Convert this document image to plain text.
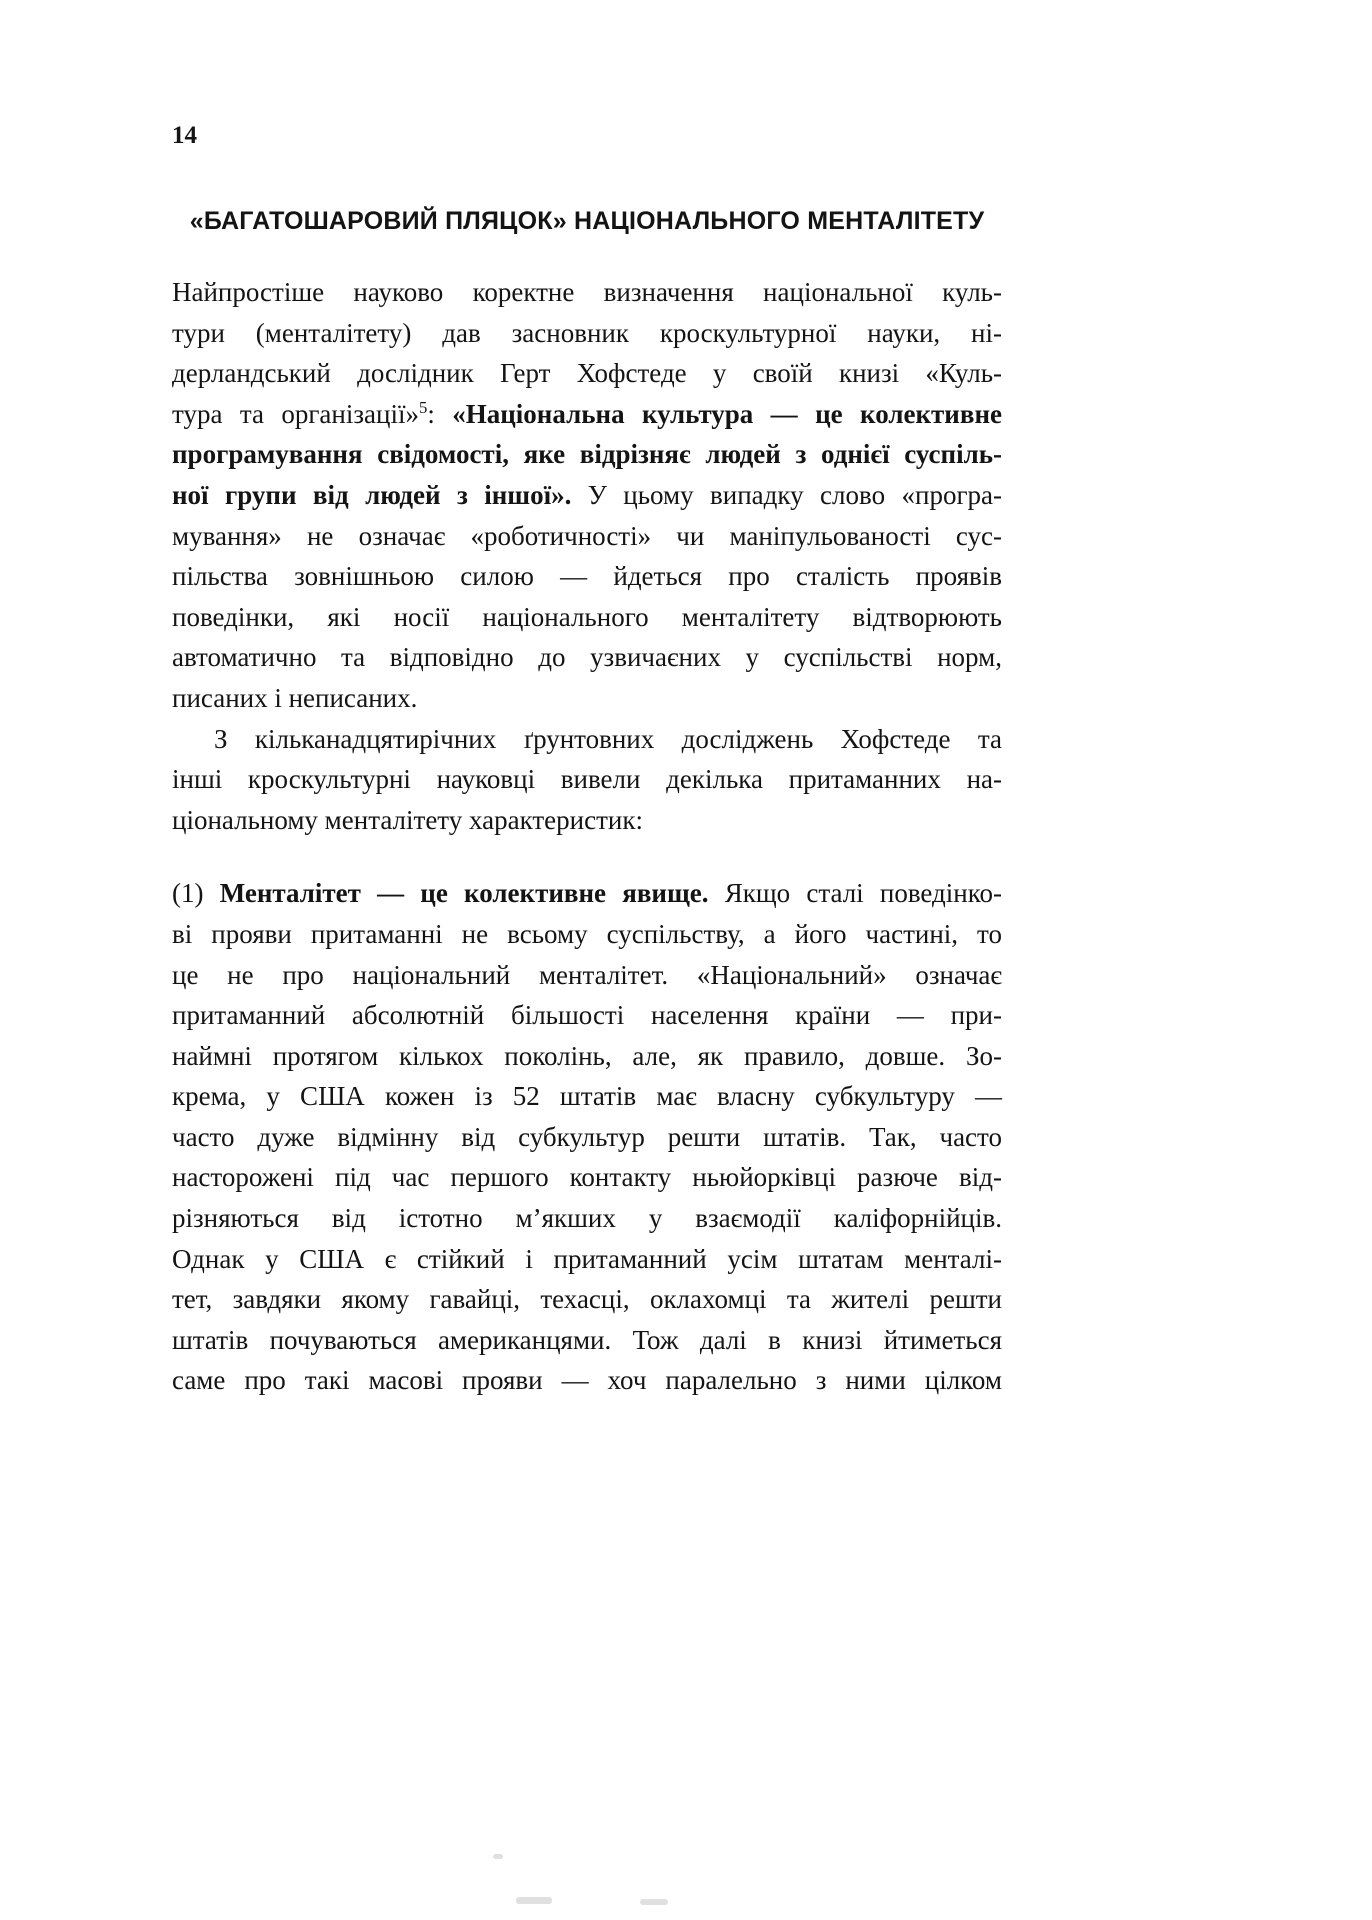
14
«БАГАТОШАРОВИЙ ПЛЯЦОК» НАЦІОНАЛЬНОГО МЕНТАЛІТЕТУ
Найпростіше науково коректне визначення національної куль-
тури (менталітету) дав засновник кроскультурної науки, ні-
дерландський дослідник Герт Хофстеде у своїй книзі «Куль-
тура та організації»$^5$: «Національна культура — це колективне
програмування свідомості, яке відрізняє людей з однієї суспіль-
ної групи від людей з іншої». У цьому випадку слово «програ-
мування» не означає «роботичності» чи маніпульованості сус-
пільства зовнішньою силою — йдеться про сталість проявів
поведінки, які носії національного менталітету відтворюють
автоматично та відповідно до узвичаєних у суспільстві норм,
писаних і неписаних.
З кільканадцятирічних ґрунтовних досліджень Хофстеде та
інші кроскультурні науковці вивели декілька притаманних на-
ціональному менталітету характеристик:
(1) Менталітет — це колективне явище. Якщо сталі поведінко-
ві прояви притаманні не всьому суспільству, а його частині, то
це не про національний менталітет. «Національний» означає
притаманний абсолютній більшості населення країни — при-
наймні протягом кількох поколінь, але, як правило, довше. Зо-
крема, у США кожен із 52 штатів має власну субкультуру —
часто дуже відмінну від субкультур решти штатів. Так, часто
насторожені під час першого контакту ньюйорківці разюче від-
різняються від істотно м’якших у взаємодії каліфорнійців.
Однак у США є стійкий і притаманний усім штатам менталі-
тет, завдяки якому гавайці, техасці, оклахомці та жителі решти
штатів почуваються американцями. Тож далі в книзі йтиметься
саме про такі масові прояви — хоч паралельно з ними цілком
